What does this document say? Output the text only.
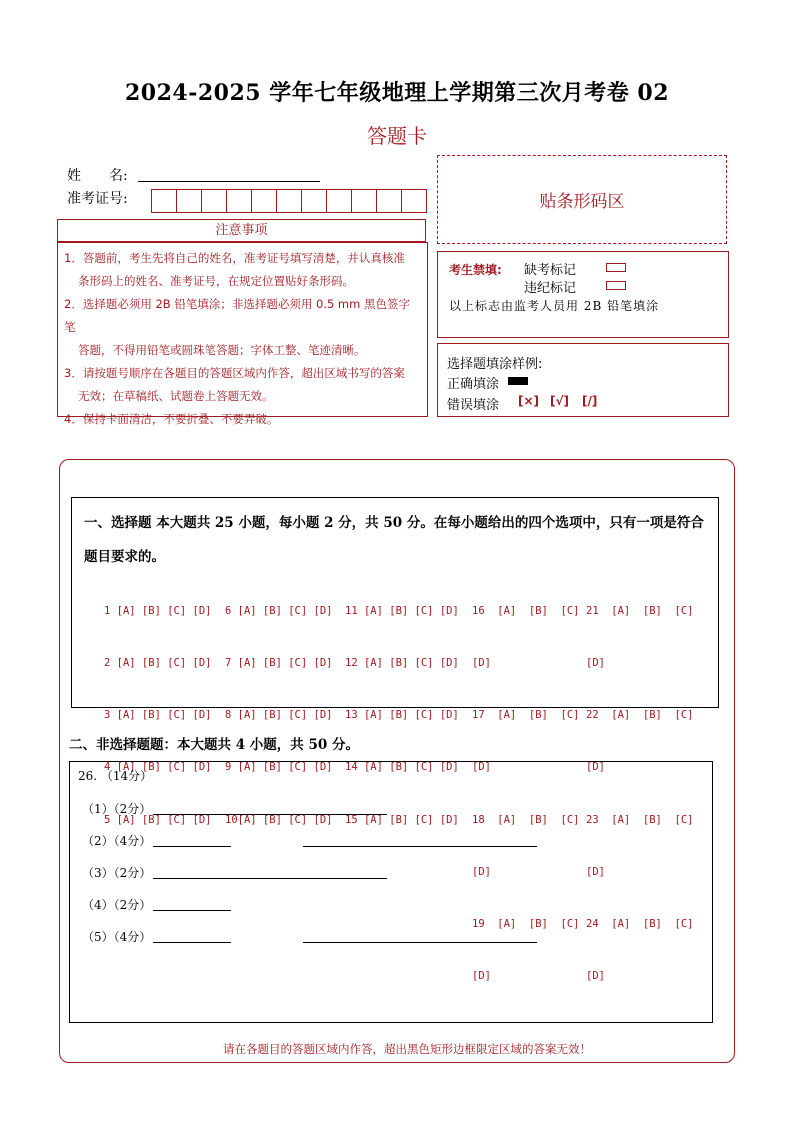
2024-2025 学年七年级地理上学期第三次月考卷 02
答题卡
姓　　名:
准考证号:	贴条形码区
注意事项
1．答题前，考生先将自己的姓名，准考证号填写清楚，并认真核准
条形码上的姓名、准考证号，在规定位置贴好条形码。
2．选择题必须用 2B 铅笔填涂；非选择题必须用 0.5 mm 黑色签字笔
答题，不得用铅笔或圆珠笔答题；字体工整、笔迹清晰。
3．请按题号顺序在各题目的答题区域内作答，超出区域书写的答案
无效；在草稿纸、试题卷上答题无效。
4．保持卡面清洁，不要折叠、不要弄破。
考生禁填: 缺考标记
违纪标记
以上标志由监考人员用 2B 铅笔填涂
选择题填涂样例:
正确填涂
错误填涂 [×] [√] [/]
一、选择题 本大题共 25 小题，每小题 2 分，共 50 分。在每小题给出的四个选项中，只有一项是符合
题目要求的。

1 [A] [B] [C] [D]

2 [A] [B] [C] [D]

3 [A] [B] [C] [D]

4 [A] [B] [C] [D]

5 [A] [B] [C] [D]

6 [A] [B] [C] [D]

7 [A] [B] [C] [D]

8 [A] [B] [C] [D]

9 [A] [B] [C] [D]

10[A] [B] [C] [D]

11 [A] [B] [C] [D]

12 [A] [B] [C] [D]

13 [A] [B] [C] [D]

14 [A] [B] [C] [D]

15 [A] [B] [C] [D]

16  [A]  [B]  [C]

[D]

17  [A]  [B]  [C]

[D]

18  [A]  [B]  [C]

[D]

19  [A]  [B]  [C]

[D]

21  [A]  [B]  [C]

[D]

22  [A]  [B]  [C]

[D]

23  [A]  [B]  [C]

[D]

24  [A]  [B]  [C]

[D]

二、非选择题题：本大题共 4 小题，共 50 分。
26. （14分）
（1）（2分）
（2）（4分）
（3）（2分）
（4）（2分）
（5）（4分）
请在各题目的答题区域内作答，超出黑色矩形边框限定区域的答案无效！
